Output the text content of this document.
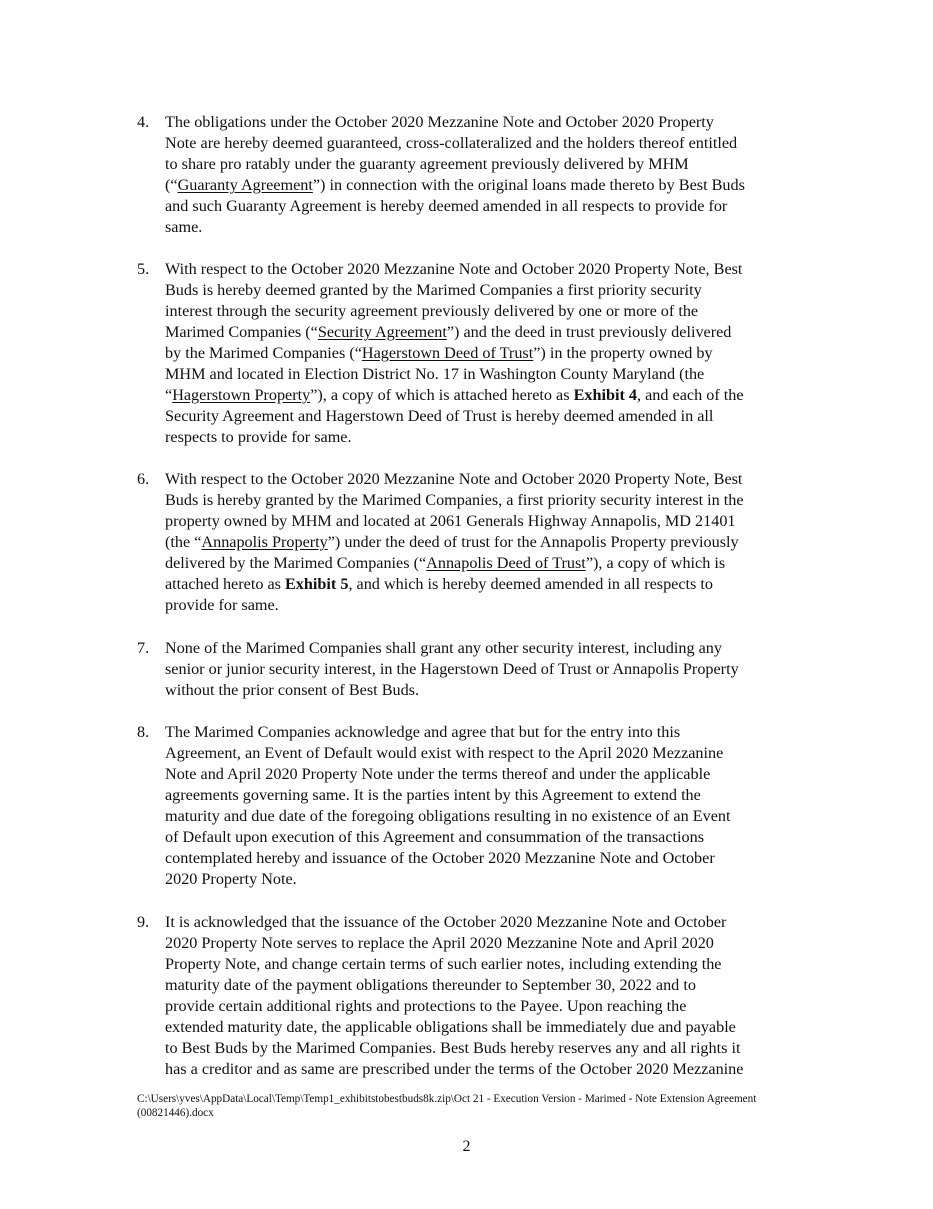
4. The obligations under the October 2020 Mezzanine Note and October 2020 Property
Note are hereby deemed guaranteed, cross-collateralized and the holders thereof entitled
to share pro ratably under the guaranty agreement previously delivered by MHM
(“Guaranty Agreement”) in connection with the original loans made thereto by Best Buds
and such Guaranty Agreement is hereby deemed amended in all respects to provide for
same.
5. With respect to the October 2020 Mezzanine Note and October 2020 Property Note, Best
Buds is hereby deemed granted by the Marimed Companies a first priority security
interest through the security agreement previously delivered by one or more of the
Marimed Companies (“Security Agreement”) and the deed in trust previously delivered
by the Marimed Companies (“Hagerstown Deed of Trust”) in the property owned by
MHM and located in Election District No. 17 in Washington County Maryland (the
“Hagerstown Property”), a copy of which is attached hereto as Exhibit 4, and each of the
Security Agreement and Hagerstown Deed of Trust is hereby deemed amended in all
respects to provide for same.
6. With respect to the October 2020 Mezzanine Note and October 2020 Property Note, Best
Buds is hereby granted by the Marimed Companies, a first priority security interest in the
property owned by MHM and located at 2061 Generals Highway Annapolis, MD 21401
(the “Annapolis Property”) under the deed of trust for the Annapolis Property previously
delivered by the Marimed Companies (“Annapolis Deed of Trust”), a copy of which is
attached hereto as Exhibit 5, and which is hereby deemed amended in all respects to
provide for same.
7. None of the Marimed Companies shall grant any other security interest, including any
senior or junior security interest, in the Hagerstown Deed of Trust or Annapolis Property
without the prior consent of Best Buds.
8. The Marimed Companies acknowledge and agree that but for the entry into this
Agreement, an Event of Default would exist with respect to the April 2020 Mezzanine
Note and April 2020 Property Note under the terms thereof and under the applicable
agreements governing same. It is the parties intent by this Agreement to extend the
maturity and due date of the foregoing obligations resulting in no existence of an Event
of Default upon execution of this Agreement and consummation of the transactions
contemplated hereby and issuance of the October 2020 Mezzanine Note and October
2020 Property Note.
9. It is acknowledged that the issuance of the October 2020 Mezzanine Note and October
2020 Property Note serves to replace the April 2020 Mezzanine Note and April 2020
Property Note, and change certain terms of such earlier notes, including extending the
maturity date of the payment obligations thereunder to September 30, 2022 and to
provide certain additional rights and protections to the Payee. Upon reaching the
extended maturity date, the applicable obligations shall be immediately due and payable
to Best Buds by the Marimed Companies. Best Buds hereby reserves any and all rights it
has a creditor and as same are prescribed under the terms of the October 2020 Mezzanine
C:\Users\yves\AppData\Local\Temp\Temp1_exhibitstobestbuds8k.zip\Oct 21 - Execution Version - Marimed - Note Extension Agreement
(00821446).docx
2
